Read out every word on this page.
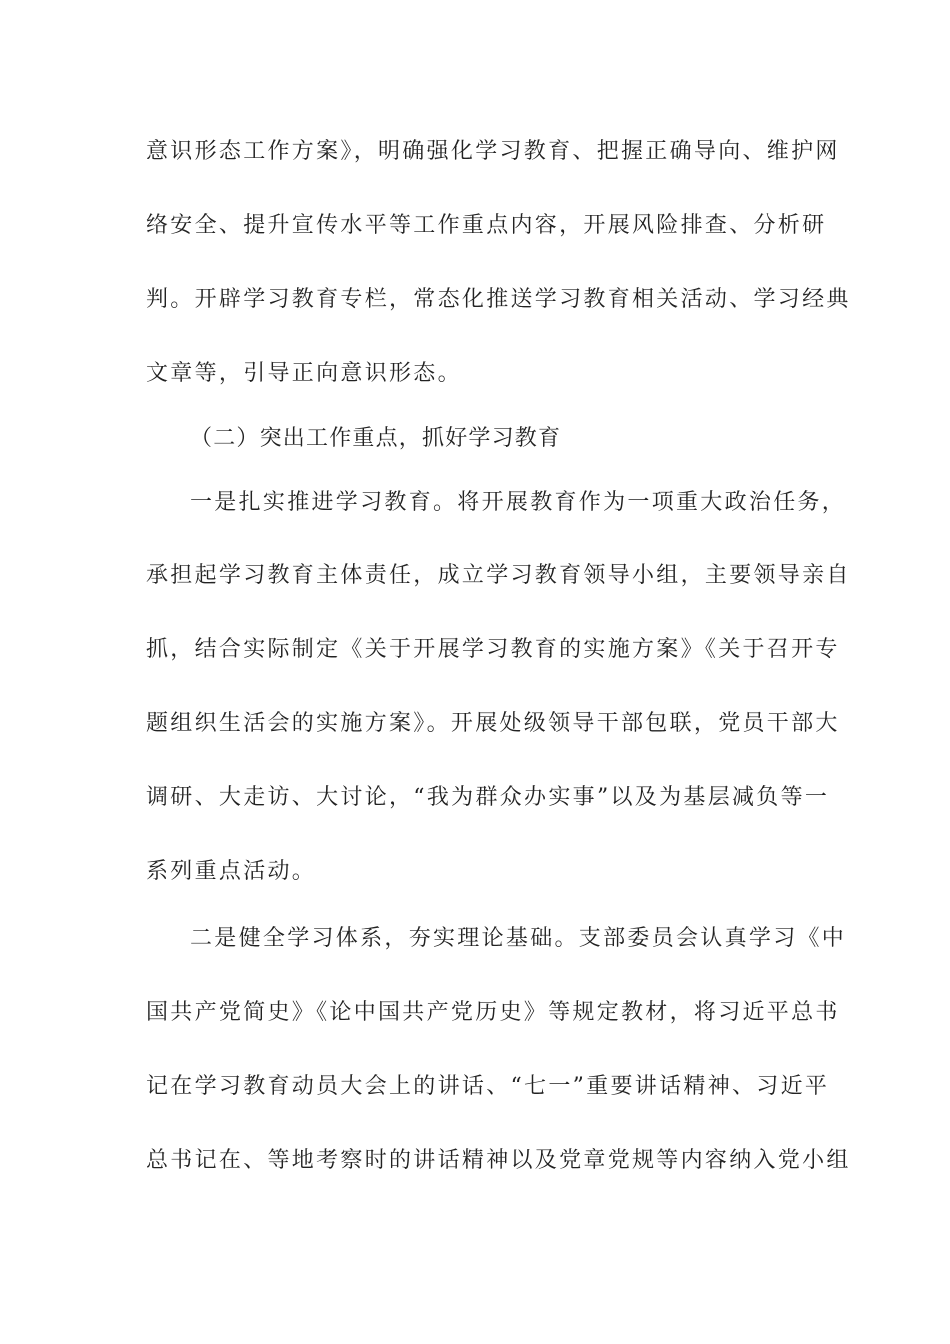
意识形态工作方案》，明确强化学习教育、把握正确导向、维护网
络安全、提升宣传水平等工作重点内容，开展风险排查、分析研
判。开辟学习教育专栏，常态化推送学习教育相关活动、学习经典
文章等，引导正向意识形态。
（二）突出工作重点，抓好学习教育
一是扎实推进学习教育。将开展教育作为一项重大政治任务，
承担起学习教育主体责任，成立学习教育领导小组，主要领导亲自
抓，结合实际制定《关于开展学习教育的实施方案》《关于召开专
题组织生活会的实施方案》。开展处级领导干部包联，党员干部大
调研、大走访、大讨论，“我为群众办实事”以及为基层减负等一
系列重点活动。
二是健全学习体系，夯实理论基础。支部委员会认真学习《中
国共产党简史》《论中国共产党历史》等规定教材，将习近平总书
记在学习教育动员大会上的讲话、“七一”重要讲话精神、习近平
总书记在、等地考察时的讲话精神以及党章党规等内容纳入党小组
